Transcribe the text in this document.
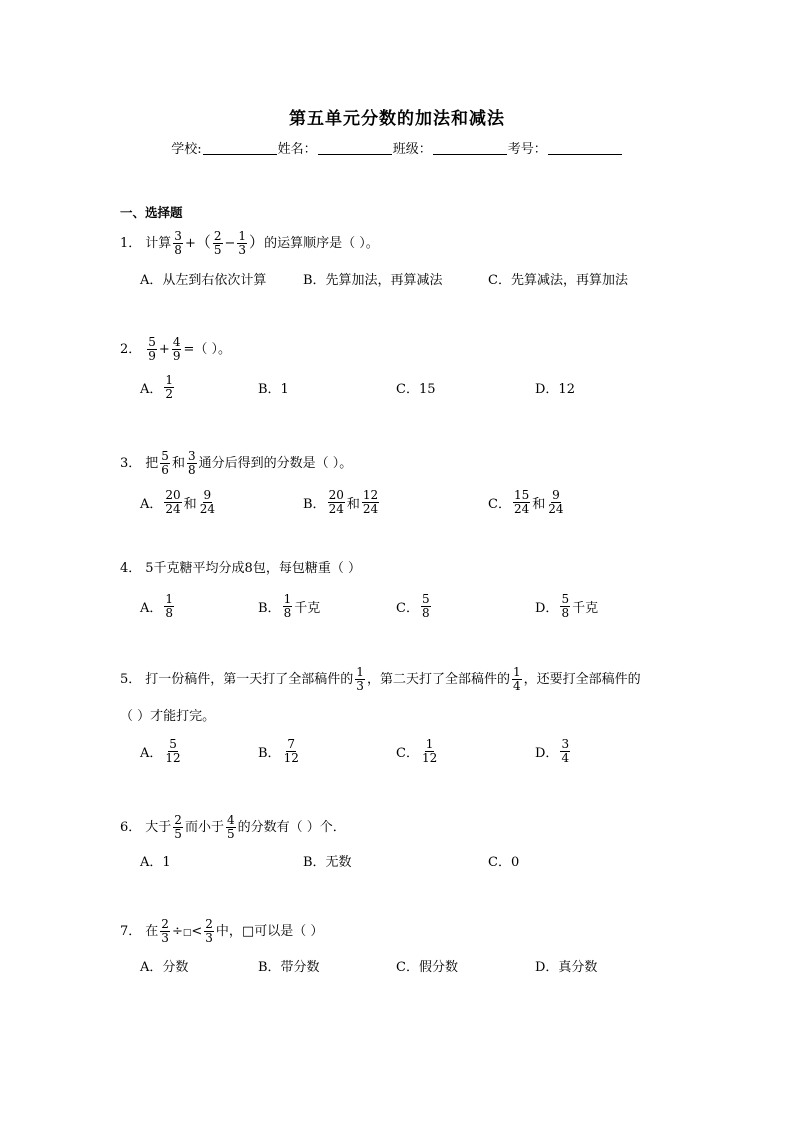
第五单元分数的加法和减法
学校:	姓名：	班级：	考号：
一、选择题
1． 计算 $\frac{3}{8}$ +（ $\frac{2}{5} - \frac{1}{3}$ ）的运算顺序是（ ）。
A．从左到右依次计算	B．先算加法，再算减法	C．先算减法，再算加法
2． $\frac{5}{9} + \frac{4}{9}$ =（ ）。
A． $\frac{1}{2}$	B．1	C．15	D．12
3． 把 $\frac{5}{6}$ 和 $\frac{3}{8}$ 通分后得到的分数是（ ）。
A． $\frac{20}{24}$ 和 $\frac{9}{24}$	B． $\frac{20}{24}$ 和 $\frac{12}{24}$	C． $\frac{15}{24}$ 和 $\frac{9}{24}$
4． 5千克糖平均分成8包，每包糖重（ ）
A． $\frac{1}{8}$	B． $\frac{1}{8}$ 千克	C． $\frac{5}{8}$	D． $\frac{5}{8}$ 千克
5． 打一份稿件，第一天打了全部稿件的 $\frac{1}{3}$ ，第二天打了全部稿件的 $\frac{1}{4}$ ，还要打全部稿件的
（ ）才能打完。
A． $\frac{5}{12}$	B． $\frac{7}{12}$	C． $\frac{1}{12}$	D． $\frac{3}{4}$
6． 大于 $\frac{2}{5}$ 而小于 $\frac{4}{5}$ 的分数有（ ）个．
A．1	B．无数	C．0
7． 在 $\frac{2}{3}$ ÷□< $\frac{2}{3}$ 中，□可以是（ ）
A．分数	B．带分数	C．假分数	D．真分数
